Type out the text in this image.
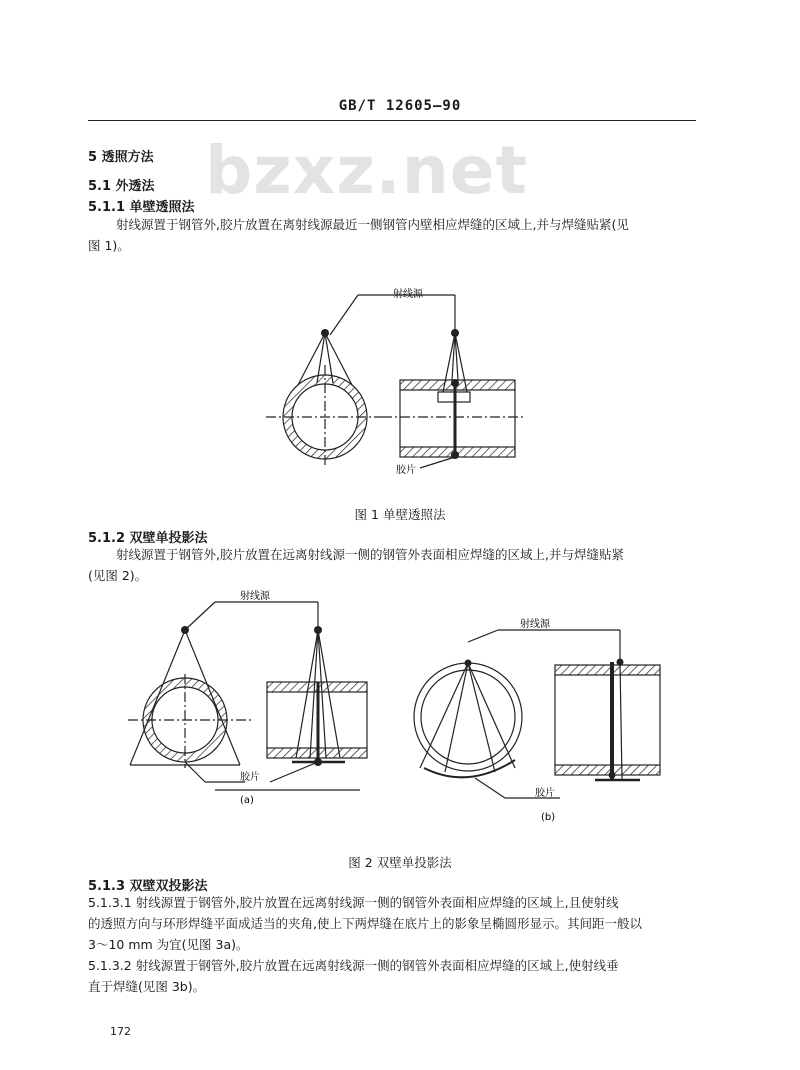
bzxz.net
GB/T 12605—90
5 透照方法
5.1 外透法
5.1.1 单壁透照法
射线源置于钢管外,胶片放置在离射线源最近一侧钢管内壁相应焊缝的区域上,并与焊缝贴紧(见
图 1)。
射线源
胶片
图 1 单壁透照法
5.1.2 双壁单投影法
射线源置于钢管外,胶片放置在远离射线源一侧的钢管外表面相应焊缝的区域上,并与焊缝贴紧
(见图 2)。
射线源
胶片
(a)
射线源
胶片
(b)
图 2 双壁单投影法
5.1.3 双壁双投影法
5.1.3.1 射线源置于钢管外,胶片放置在远离射线源一侧的钢管外表面相应焊缝的区域上,且使射线
的透照方向与环形焊缝平面成适当的夹角,使上下两焊缝在底片上的影象呈椭圆形显示。其间距一般以
3～10 mm 为宜(见图 3a)。
5.1.3.2 射线源置于钢管外,胶片放置在远离射线源一侧的钢管外表面相应焊缝的区域上,使射线垂
直于焊缝(见图 3b)。
172
